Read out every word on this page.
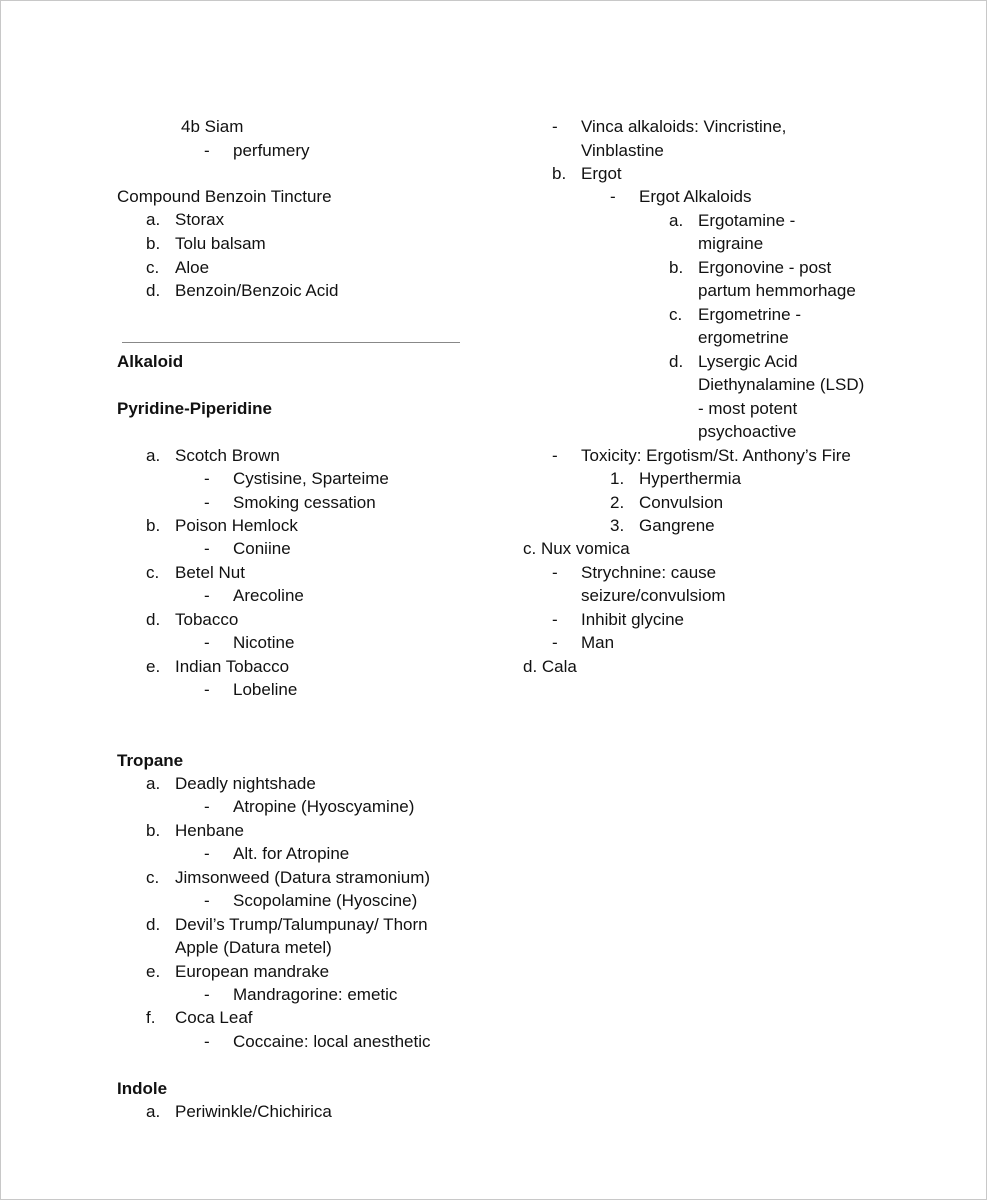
4b Siam
- perfumery
Compound Benzoin Tincture
a. Storax
b. Tolu balsam
c. Aloe
d. Benzoin/Benzoic Acid
Alkaloid
Pyridine-Piperidine
a. Scotch Brown
- Cystisine, Sparteime
- Smoking cessation
b. Poison Hemlock
- Coniine
c. Betel Nut
- Arecoline
d. Tobacco
- Nicotine
e. Indian Tobacco
- Lobeline
Tropane
a. Deadly nightshade
- Atropine (Hyoscyamine)
b. Henbane
- Alt. for Atropine
c. Jimsonweed (Datura stramonium)
- Scopolamine (Hyoscine)
d. Devil’s Trump/Talumpunay/ Thorn
Apple (Datura metel)
e. European mandrake
- Mandragorine: emetic
f. Coca Leaf
- Coccaine: local anesthetic
Indole
a. Periwinkle/Chichirica
- Vinca alkaloids: Vincristine,
Vinblastine
b. Ergot
- Ergot Alkaloids
a. Ergotamine -
migraine
b. Ergonovine - post
partum hemmorhage
c. Ergometrine -
ergometrine
d. Lysergic Acid
Diethynalamine (LSD)
- most potent
psychoactive
- Toxicity: Ergotism/St. Anthony’s Fire
1. Hyperthermia
2. Convulsion
3. Gangrene
c. Nux vomica
- Strychnine: cause
seizure/convulsiom
- Inhibit glycine
- Man
d. Cala
